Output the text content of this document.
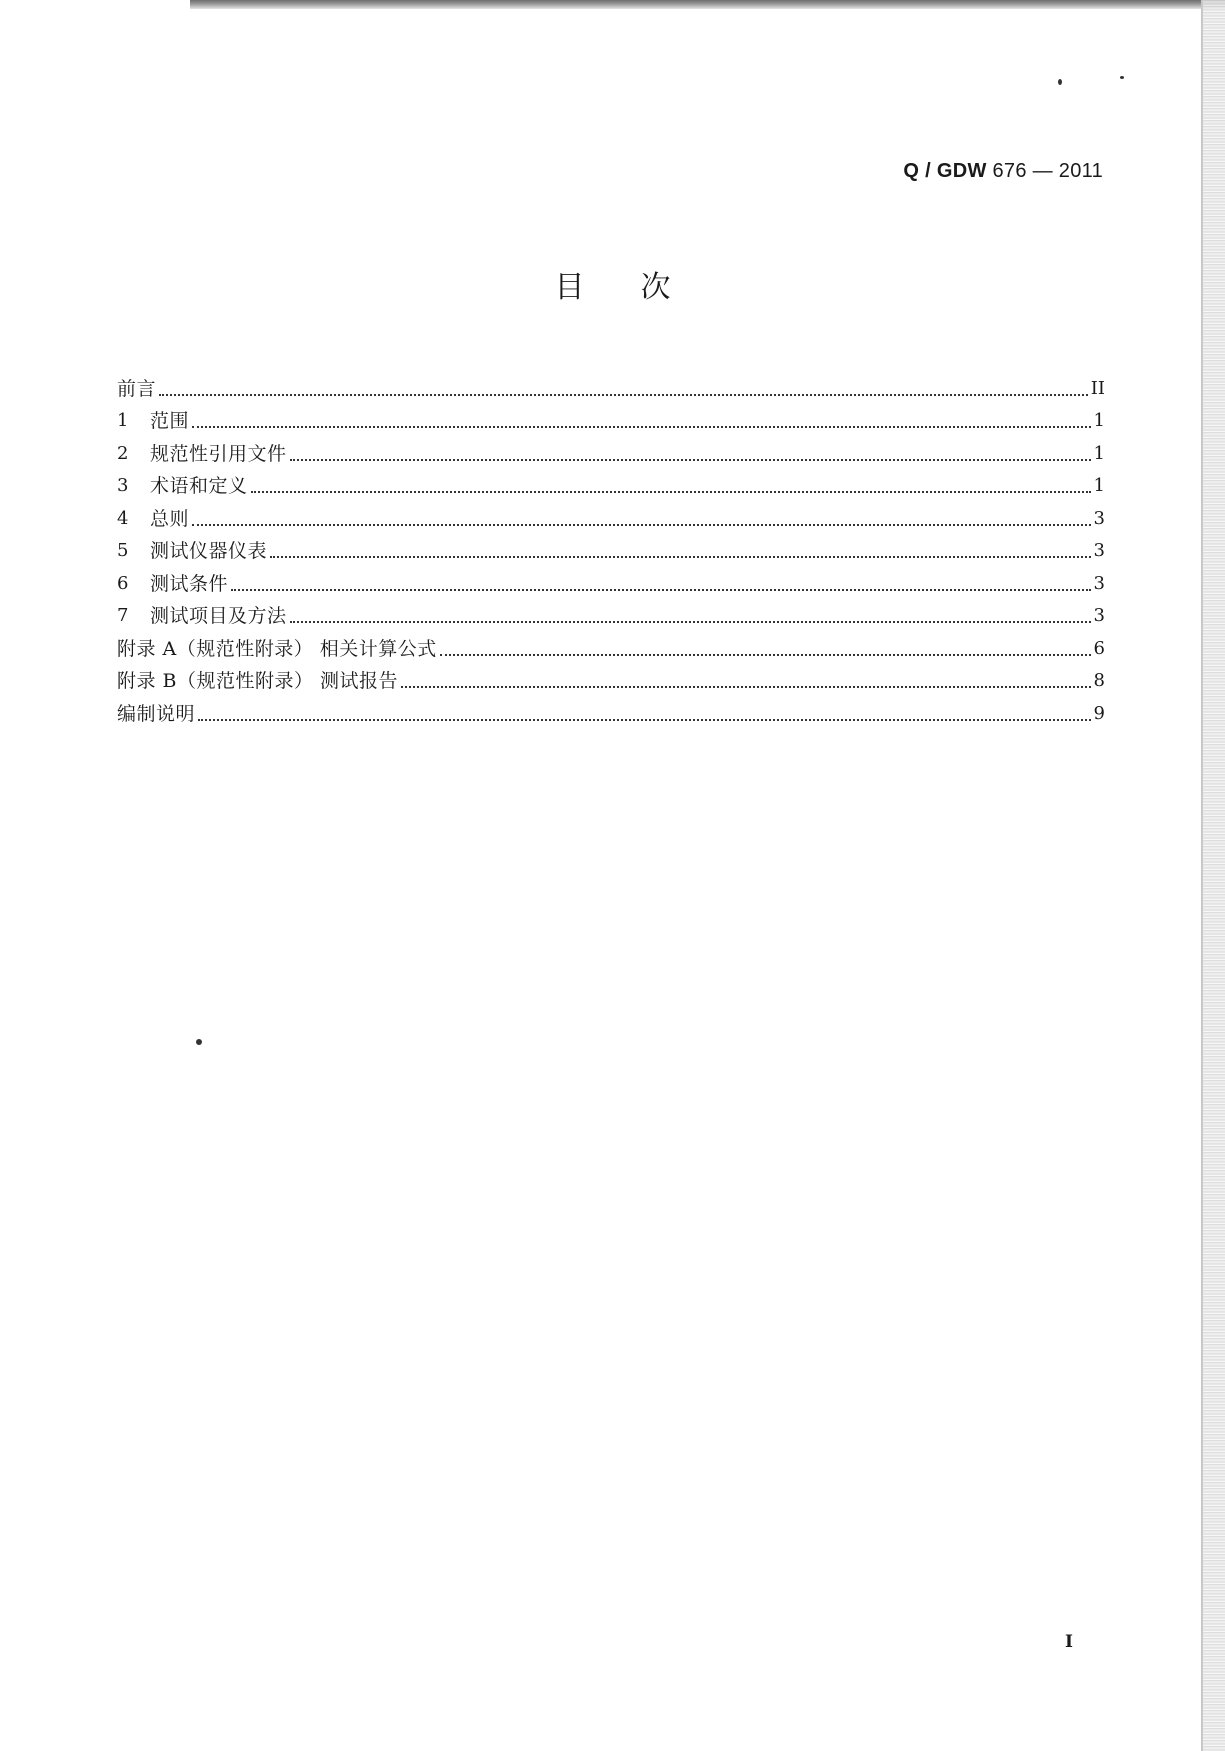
Q / GDW 676 — 2011
目次
前言	II
1	范围	1
2	规范性引用文件	1
3	术语和定义	1
4	总则	3
5	测试仪器仪表	3
6	测试条件	3
7	测试项目及方法	3
附录 A（规范性附录） 相关计算公式	6
附录 B（规范性附录） 测试报告	8
编制说明	9
I
